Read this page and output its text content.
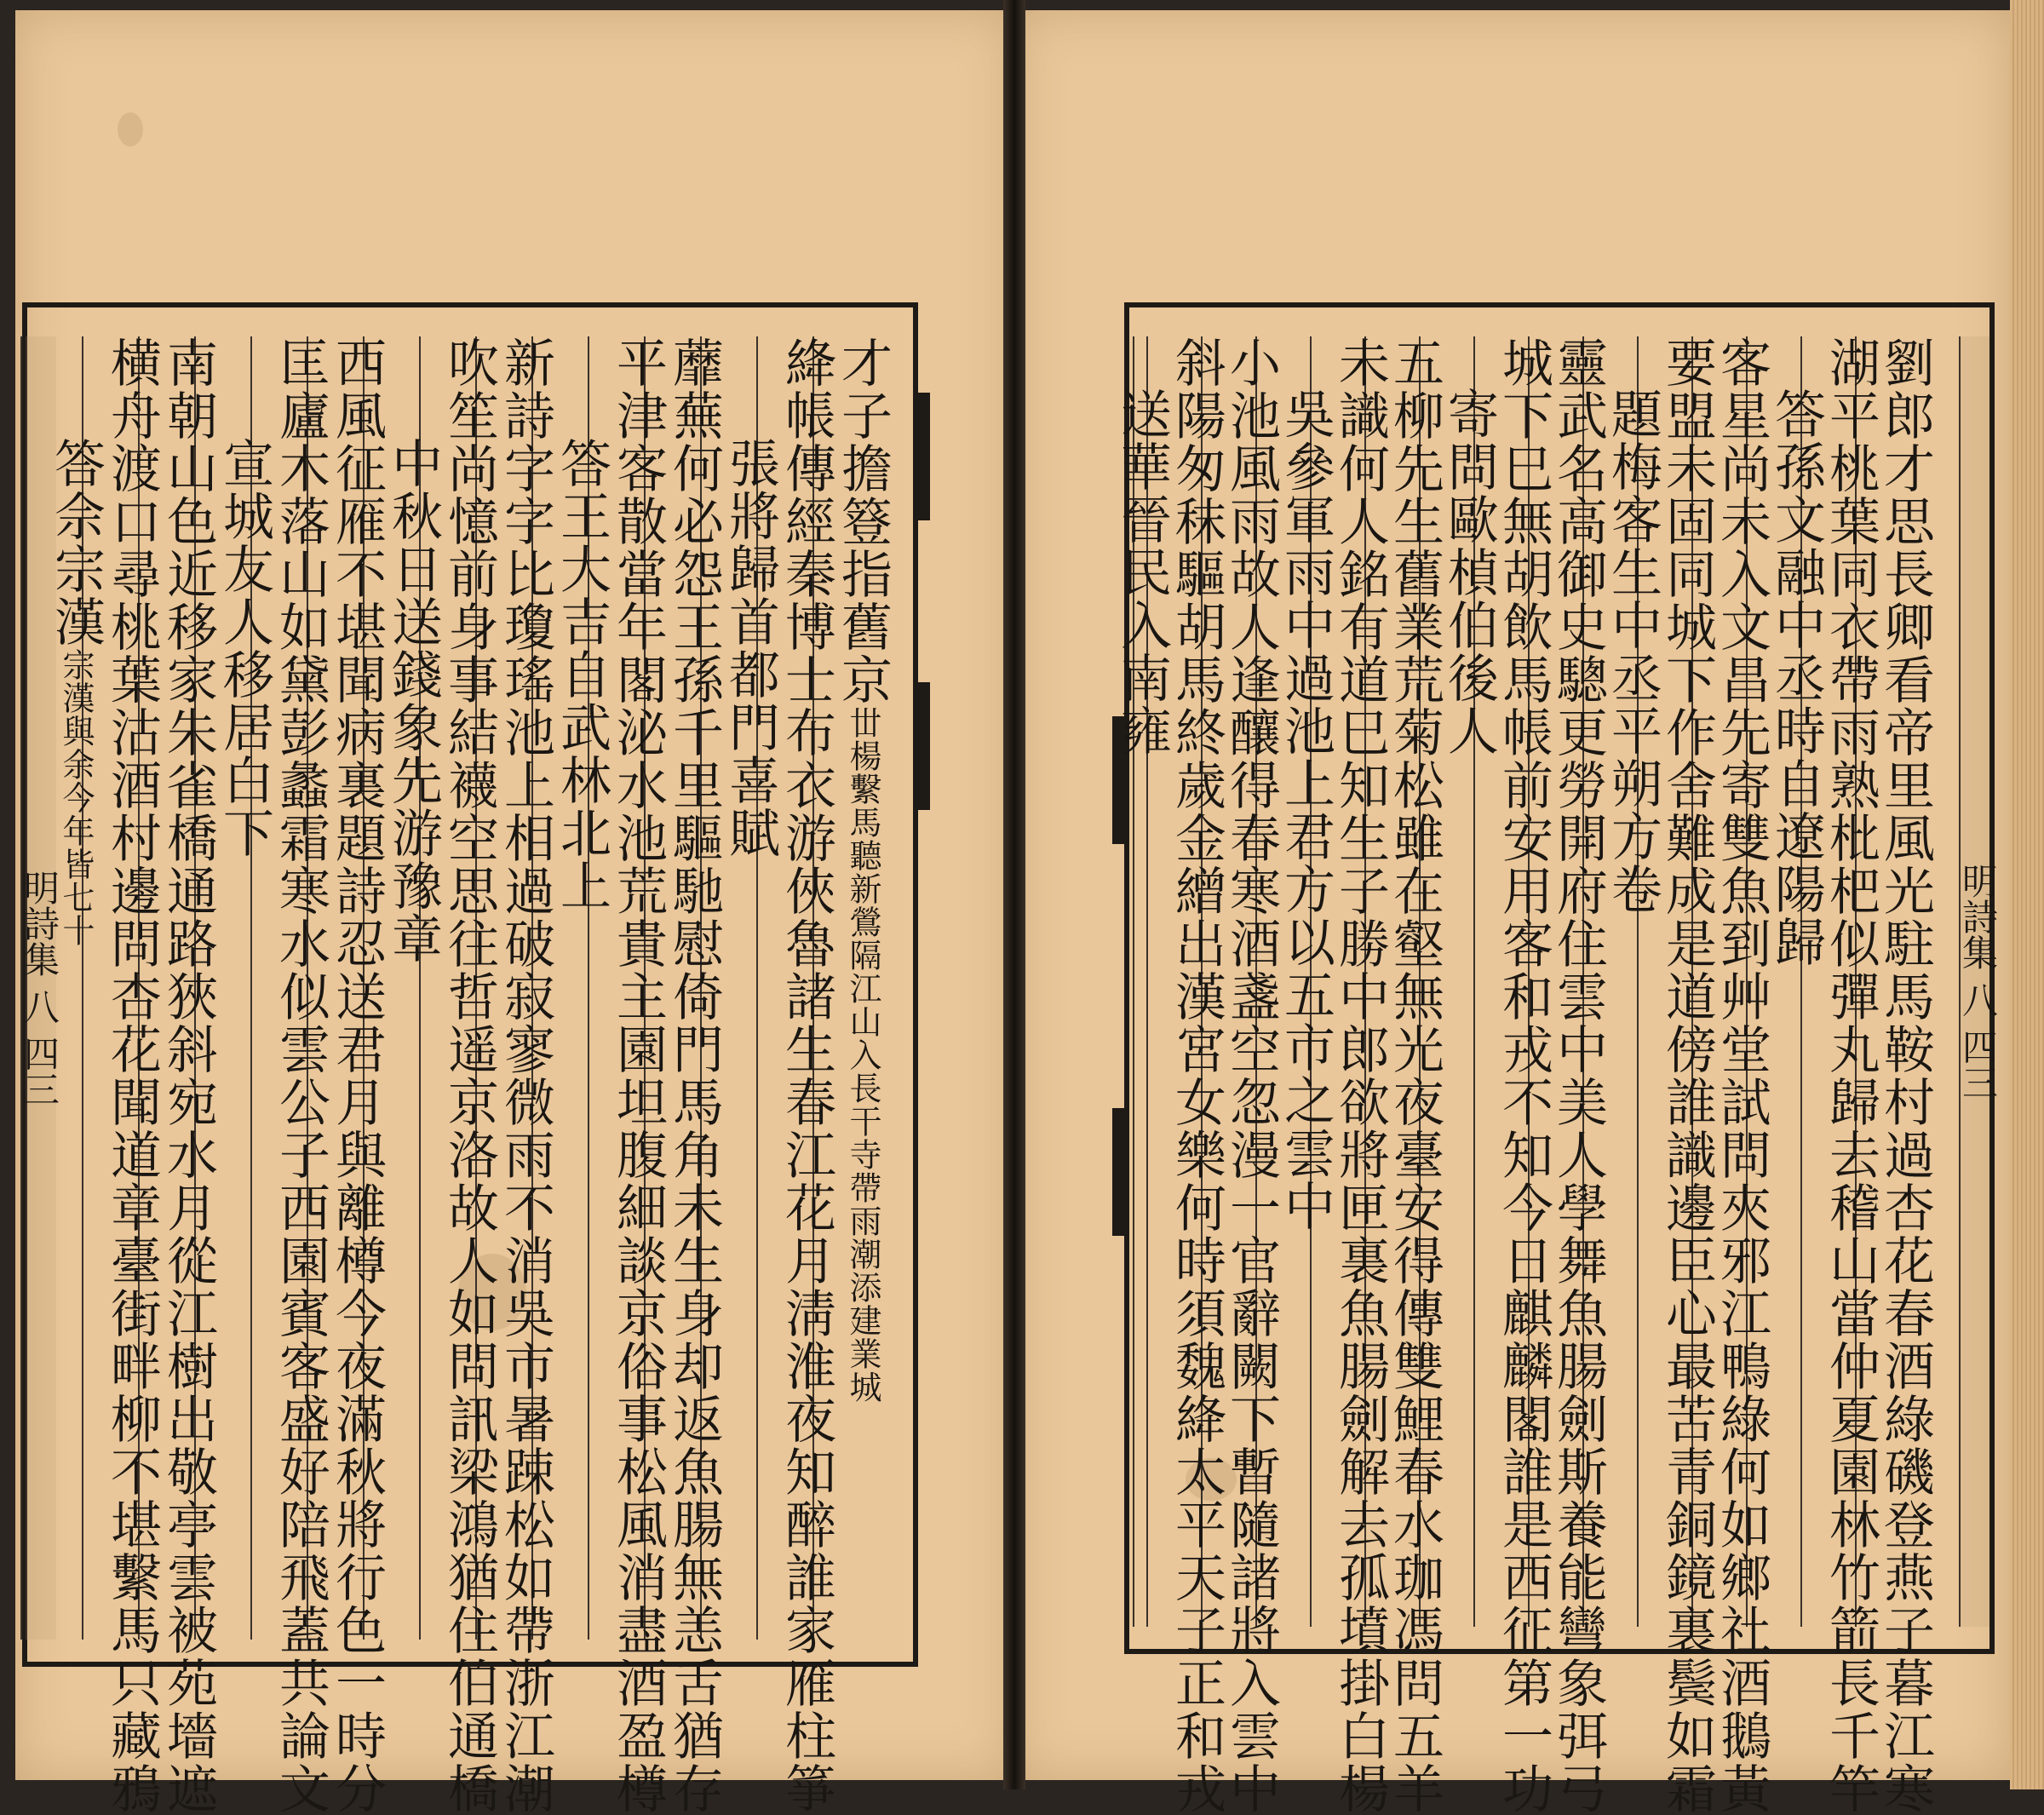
才子擔簦指舊京丗楊繫馬聽新鶯隔江山入長干寺帶雨潮添建業城
絳帳傳經秦博士布衣游俠魯諸生春江花月淸淮夜知醉誰家雁柱箏
張將歸首都門喜賦
蘼蕪何必怨王孫千里驅馳慰倚門馬角未生身却返魚腸無恙舌猶存
平津客散當年閣泌水池荒貴主園坦腹細談京俗事松風消盡酒盈樽
答王大吉自武林北上
新詩字字比瓊瑤池上相過破寂寥微雨不消吳市暑踈松如帶浙江潮
吹笙尚憶前身事結襪空思往哲遥京洛故人如問訊梁鴻猶住伯通橋
中秋日送錢象先游豫章
西風征雁不堪聞病裏題詩忍送君月與離樽今夜滿秋將行色一時分
匡廬木落山如黛彭蠡霜寒水似雲公子西園賓客盛好陪飛蓋共論文
宣城友人移居白下
南朝山色近移家朱雀橋通路狹斜宛水月從江樹出敬亭雲被苑墻遮
横舟渡口尋桃葉沽酒村邊問杏花聞道章臺街畔柳不堪繫馬只藏鴉
答佘宗漢宗漢與余今年皆七十
明詩集 八 四三
明詩集 八 四三
劉郎才思長卿看帝里風光駐馬鞍村過杏花春酒綠磯登燕子暮江寒
湖平桃葉同衣帶雨熟枇杷似彈丸歸去稽山當仲夏園林竹箭長千竿
答孫文融中丞時自遼陽歸
客星尚未入文昌先寄雙魚到艸堂試問夾邪江鴨綠何如鄉社酒鵝黃
要盟未固同城下作舍難成是道傍誰識邊臣心最苦青銅鏡裏鬓如霜
題梅客生中丞平朔方卷
靈武名高御史驄更勞開府住雲中美人學舞魚腸劍斯養能彎象弭弓
城下巳無胡飲馬帳前安用客和戎不知今日麒麟閣誰是西征第一功
寄問歐楨伯後人
五柳先生舊業荒菊松雖在壑無光夜臺安得傳雙鯉春水珈馮問五羊
未識何人銘有道巳知生子勝中郎欲將匣裏魚腸劍解去孤墳掛白楊
吳參軍雨中過池上君方以五市之雲中
小池風雨故人逢釀得春寒酒盞空忽漫一官辭闕下暫隨諸將入雲中
斜陽匆秣驅胡馬終歲金繒出漢宮女樂何時須魏絳太平天子正和戎
送華晉民入南雍
